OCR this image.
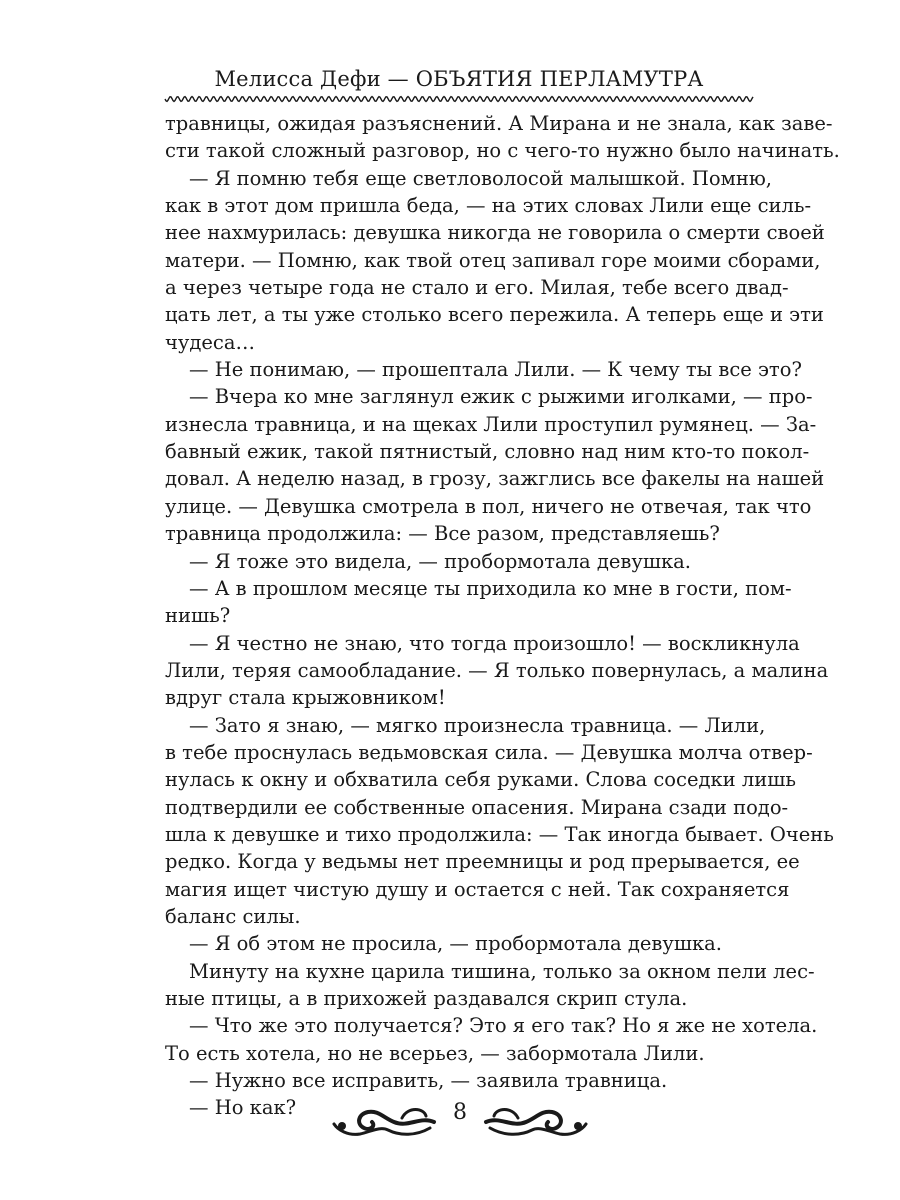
Мелисса Дефи — ОБЪЯТИЯ ПЕРЛАМУТРА
травницы, ожидая разъяснений. А Мирана и не знала, как заве-
сти такой сложный разговор, но с чего-то нужно было начинать.
— Я помню тебя еще светловолосой малышкой. Помню,
как в этот дом пришла беда, — на этих словах Лили еще силь-
нее нахмурилась: девушка никогда не говорила о смерти своей
матери. — Помню, как твой отец запивал горе моими сборами,
а через четыре года не стало и его. Милая, тебе всего двад-
цать лет, а ты уже столько всего пережила. А теперь еще и эти
чудеса…
— Не понимаю, — прошептала Лили. — К чему ты все это?
— Вчера ко мне заглянул ежик с рыжими иголками, — про-
изнесла травница, и на щеках Лили проступил румянец. — За-
бавный ежик, такой пятнистый, словно над ним кто-то покол-
довал. А неделю назад, в грозу, зажглись все факелы на нашей
улице. — Девушка смотрела в пол, ничего не отвечая, так что
травница продолжила: — Все разом, представляешь?
— Я тоже это видела, — пробормотала девушка.
— А в прошлом месяце ты приходила ко мне в гости, пом-
нишь?
— Я честно не знаю, что тогда произошло! — воскликнула
Лили, теряя самообладание. — Я только повернулась, а малина
вдруг стала крыжовником!
— Зато я знаю, — мягко произнесла травница. — Лили,
в тебе проснулась ведьмовская сила. — Девушка молча отвер-
нулась к окну и обхватила себя руками. Слова соседки лишь
подтвердили ее собственные опасения. Мирана сзади подо-
шла к девушке и тихо продолжила: — Так иногда бывает. Очень
редко. Когда у ведьмы нет преемницы и род прерывается, ее
магия ищет чистую душу и остается с ней. Так сохраняется
баланс силы.
— Я об этом не просила, — пробормотала девушка.
Минуту на кухне царила тишина, только за окном пели лес-
ные птицы, а в прихожей раздавался скрип стула.
— Что же это получается? Это я его так? Но я же не хотела.
То есть хотела, но не всерьез, — забормотала Лили.
— Нужно все исправить, — заявила травница.
— Но как?	8
